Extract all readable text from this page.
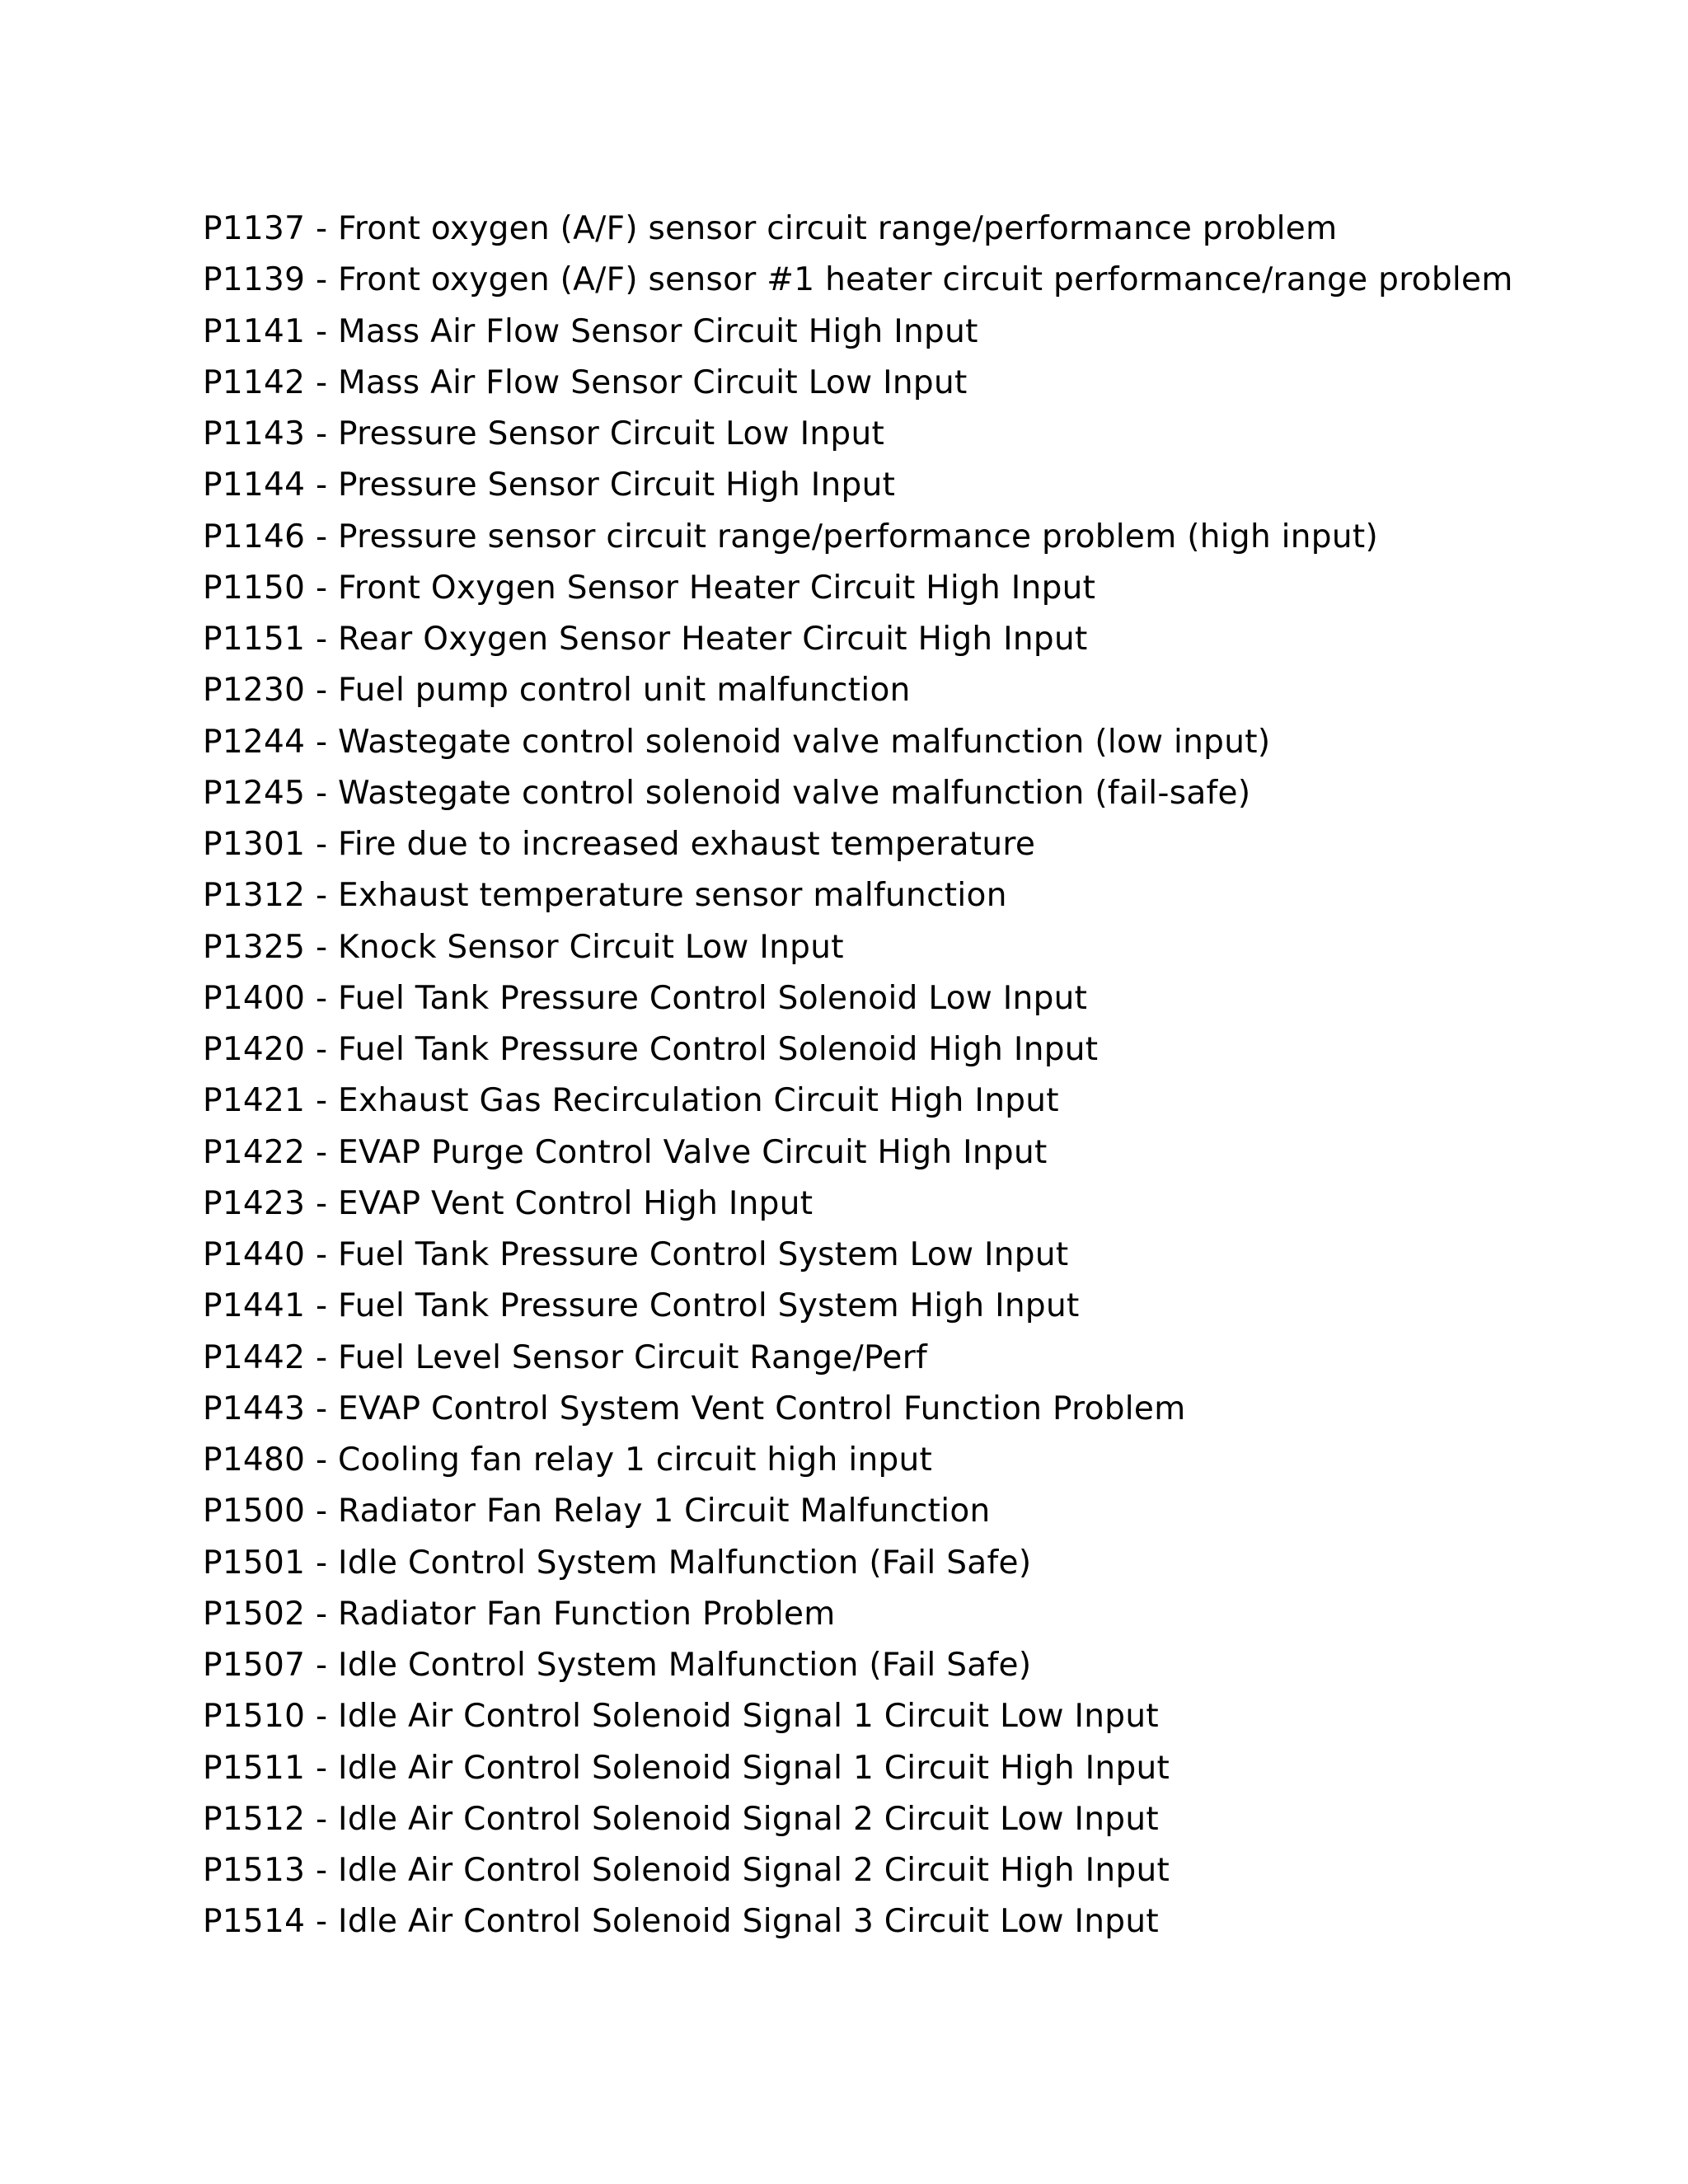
P1137 - Front oxygen (A/F) sensor circuit range/performance problem
P1139 - Front oxygen (A/F) sensor #1 heater circuit performance/range problem
P1141 - Mass Air Flow Sensor Circuit High Input
P1142 - Mass Air Flow Sensor Circuit Low Input
P1143 - Pressure Sensor Circuit Low Input
P1144 - Pressure Sensor Circuit High Input
P1146 - Pressure sensor circuit range/performance problem (high input)
P1150 - Front Oxygen Sensor Heater Circuit High Input
P1151 - Rear Oxygen Sensor Heater Circuit High Input
P1230 - Fuel pump control unit malfunction
P1244 - Wastegate control solenoid valve malfunction (low input)
P1245 - Wastegate control solenoid valve malfunction (fail-safe)
P1301 - Fire due to increased exhaust temperature
P1312 - Exhaust temperature sensor malfunction
P1325 - Knock Sensor Circuit Low Input
P1400 - Fuel Tank Pressure Control Solenoid Low Input
P1420 - Fuel Tank Pressure Control Solenoid High Input
P1421 - Exhaust Gas Recirculation Circuit High Input
P1422 - EVAP Purge Control Valve Circuit High Input
P1423 - EVAP Vent Control High Input
P1440 - Fuel Tank Pressure Control System Low Input
P1441 - Fuel Tank Pressure Control System High Input
P1442 - Fuel Level Sensor Circuit Range/Perf
P1443 - EVAP Control System Vent Control Function Problem
P1480 - Cooling fan relay 1 circuit high input
P1500 - Radiator Fan Relay 1 Circuit Malfunction
P1501 - Idle Control System Malfunction (Fail Safe)
P1502 - Radiator Fan Function Problem
P1507 - Idle Control System Malfunction (Fail Safe)
P1510 - Idle Air Control Solenoid Signal 1 Circuit Low Input
P1511 - Idle Air Control Solenoid Signal 1 Circuit High Input
P1512 - Idle Air Control Solenoid Signal 2 Circuit Low Input
P1513 - Idle Air Control Solenoid Signal 2 Circuit High Input
P1514 - Idle Air Control Solenoid Signal 3 Circuit Low Input
